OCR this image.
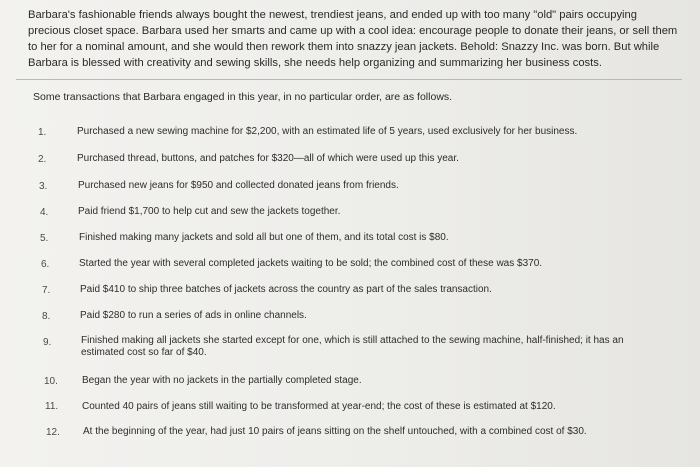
Barbara's fashionable friends always bought the newest, trendiest jeans, and ended up with too many "old" pairs occupying precious closet space. Barbara used her smarts and came up with a cool idea: encourage people to donate their jeans, or sell them to her for a nominal amount, and she would then rework them into snazzy jean jackets. Behold: Snazzy Inc. was born. But while Barbara is blessed with creativity and sewing skills, she needs help organizing and summarizing her business costs.
Some transactions that Barbara engaged in this year, in no particular order, are as follows.
1.	Purchased a new sewing machine for $2,200, with an estimated life of 5 years, used exclusively for her business.
2.	Purchased thread, buttons, and patches for $320—all of which were used up this year.
3.	Purchased new jeans for $950 and collected donated jeans from friends.
4.	Paid friend $1,700 to help cut and sew the jackets together.
5.	Finished making many jackets and sold all but one of them, and its total cost is $80.
6.	Started the year with several completed jackets waiting to be sold; the combined cost of these was $370.
7.	Paid $410 to ship three batches of jackets across the country as part of the sales transaction.
8.	Paid $280 to run a series of ads in online channels.
9.	Finished making all jackets she started except for one, which is still attached to the sewing machine, half-finished; it has an estimated cost so far of $40.
10. Began the year with no jackets in the partially completed stage.
11. Counted 40 pairs of jeans still waiting to be transformed at year-end; the cost of these is estimated at $120.
12. At the beginning of the year, had just 10 pairs of jeans sitting on the shelf untouched, with a combined cost of $30.
